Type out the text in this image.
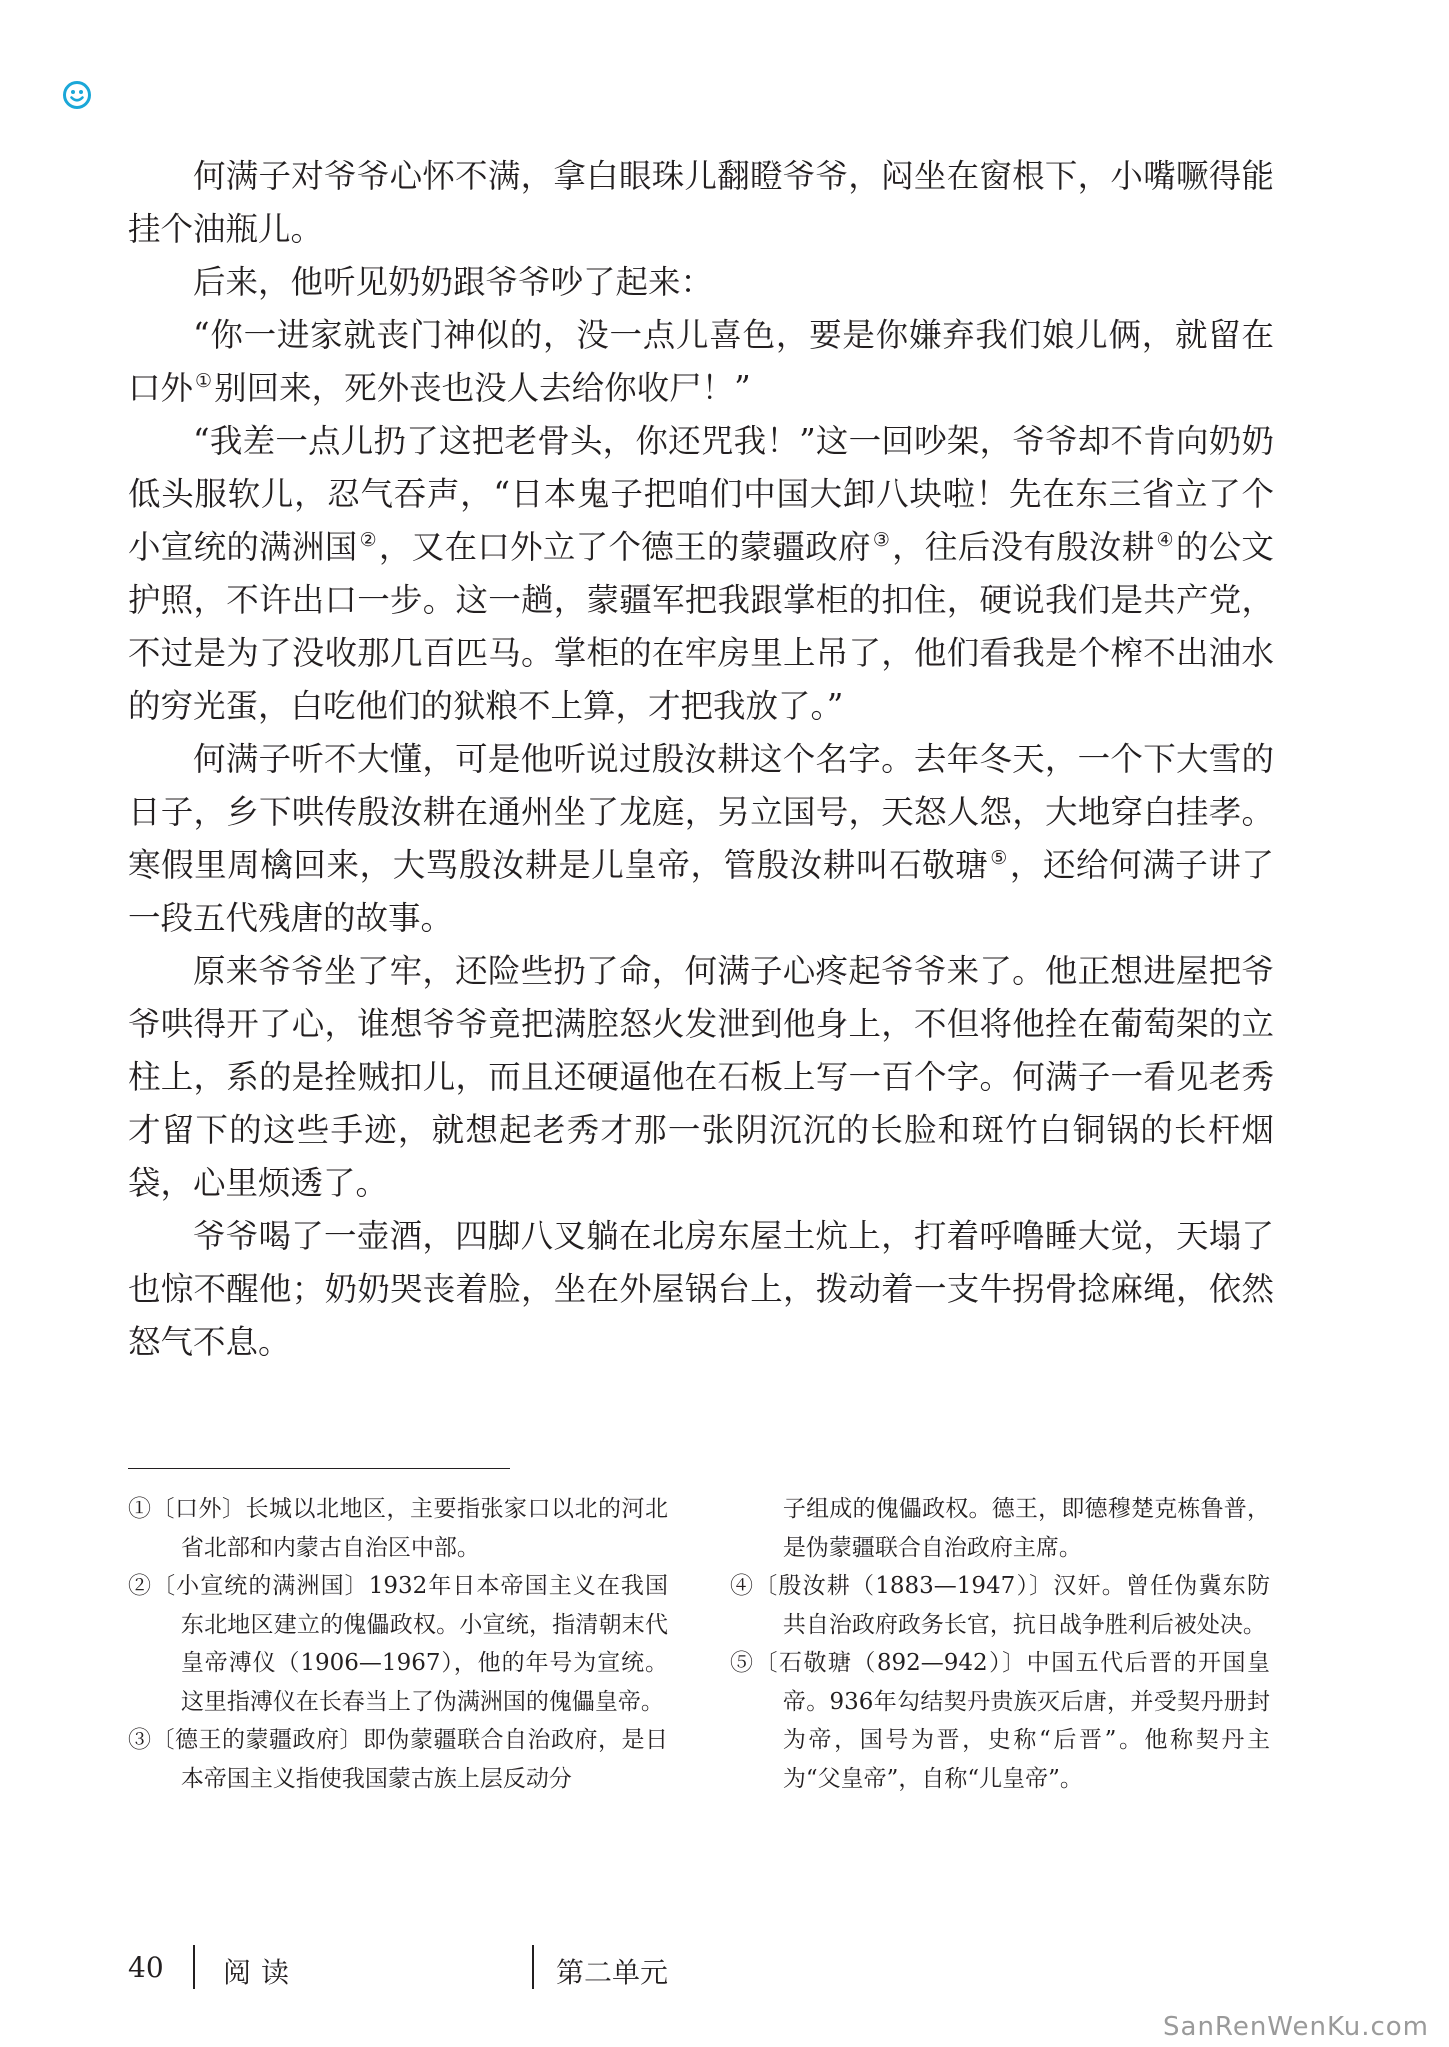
何满子对爷爷心怀不满，拿白眼珠儿翻瞪爷爷，闷坐在窗根下，小嘴噘得能挂个油瓶儿。

后来，他听见奶奶跟爷爷吵了起来：

“你一进家就丧门神似的，没一点儿喜色，要是你嫌弃我们娘儿俩，就留在口外 ①别回来，死外丧也没人去给你收尸！”

“我差一点儿扔了这把老骨头，你还咒我！”这一回吵架，爷爷却不肯向奶奶低头服软儿，忍气吞声，“日本鬼子把咱们中国大卸八块啦！先在东三省立了个小宣统的满洲国 ②，又在口外立了个德王的蒙疆政府 ③，往后没有殷汝耕 ④的公文护照，不许出口一步。这一趟，蒙疆军把我跟掌柜的扣住，硬说我们是共产党，不过是为了没收那几百匹马。掌柜的在牢房里上吊了，他们看我是个榨不出油水的穷光蛋，白吃他们的狱粮不上算，才把我放了。”

何满子听不大懂，可是他听说过殷汝耕这个名字。去年冬天，一个下大雪的日子，乡下哄传殷汝耕在通州坐了龙庭，另立国号，天怒人怨，大地穿白挂孝。寒假里周檎回来，大骂殷汝耕是儿皇帝，管殷汝耕叫石敬瑭 ⑤，还给何满子讲了一段五代残唐的故事。

原来爷爷坐了牢，还险些扔了命，何满子心疼起爷爷来了。他正想进屋把爷爷哄得开了心，谁想爷爷竟把满腔怒火发泄到他身上，不但将他拴在葡萄架的立柱上，系的是拴贼扣儿，而且还硬逼他在石板上写一百个字。何满子一看见老秀才留下的这些手迹，就想起老秀才那一张阴沉沉的长脸和斑竹白铜锅的长杆烟袋，心里烦透了。

爷爷喝了一壶酒，四脚八叉躺在北房东屋土炕上，打着呼噜睡大觉，天塌了也惊不醒他；奶奶哭丧着脸，坐在外屋锅台上，拨动着一支牛拐骨捻麻绳，依然怒气不息。

①〔口外〕长城以北地区，主要指张家口以北的河北省北部和内蒙古自治区中部。
②〔小宣统的满洲国〕1932年日本帝国主义在我国东北地区建立的傀儡政权。小宣统，指清朝末代皇帝溥仪（1906—1967），他的年号为宣统。这里指溥仪在长春当上了伪满洲国的傀儡皇帝。
③〔德王的蒙疆政府〕即伪蒙疆联合自治政府，是日本帝国主义指使我国蒙古族上层反动分
子组成的傀儡政权。德王，即德穆楚克栋鲁普，是伪蒙疆联合自治政府主席。
④〔殷汝耕（1883—1947）〕汉奸。曾任伪冀东防共自治政府政务长官，抗日战争胜利后被处决。
⑤〔石敬瑭（892—942）〕中国五代后晋的开国皇帝。936年勾结契丹贵族灭后唐，并受契丹册封为帝，国号为晋，史称“后晋”。他称契丹主为“父皇帝”，自称“儿皇帝”。
40 阅读	第二单元
SanRenWenKu.com
